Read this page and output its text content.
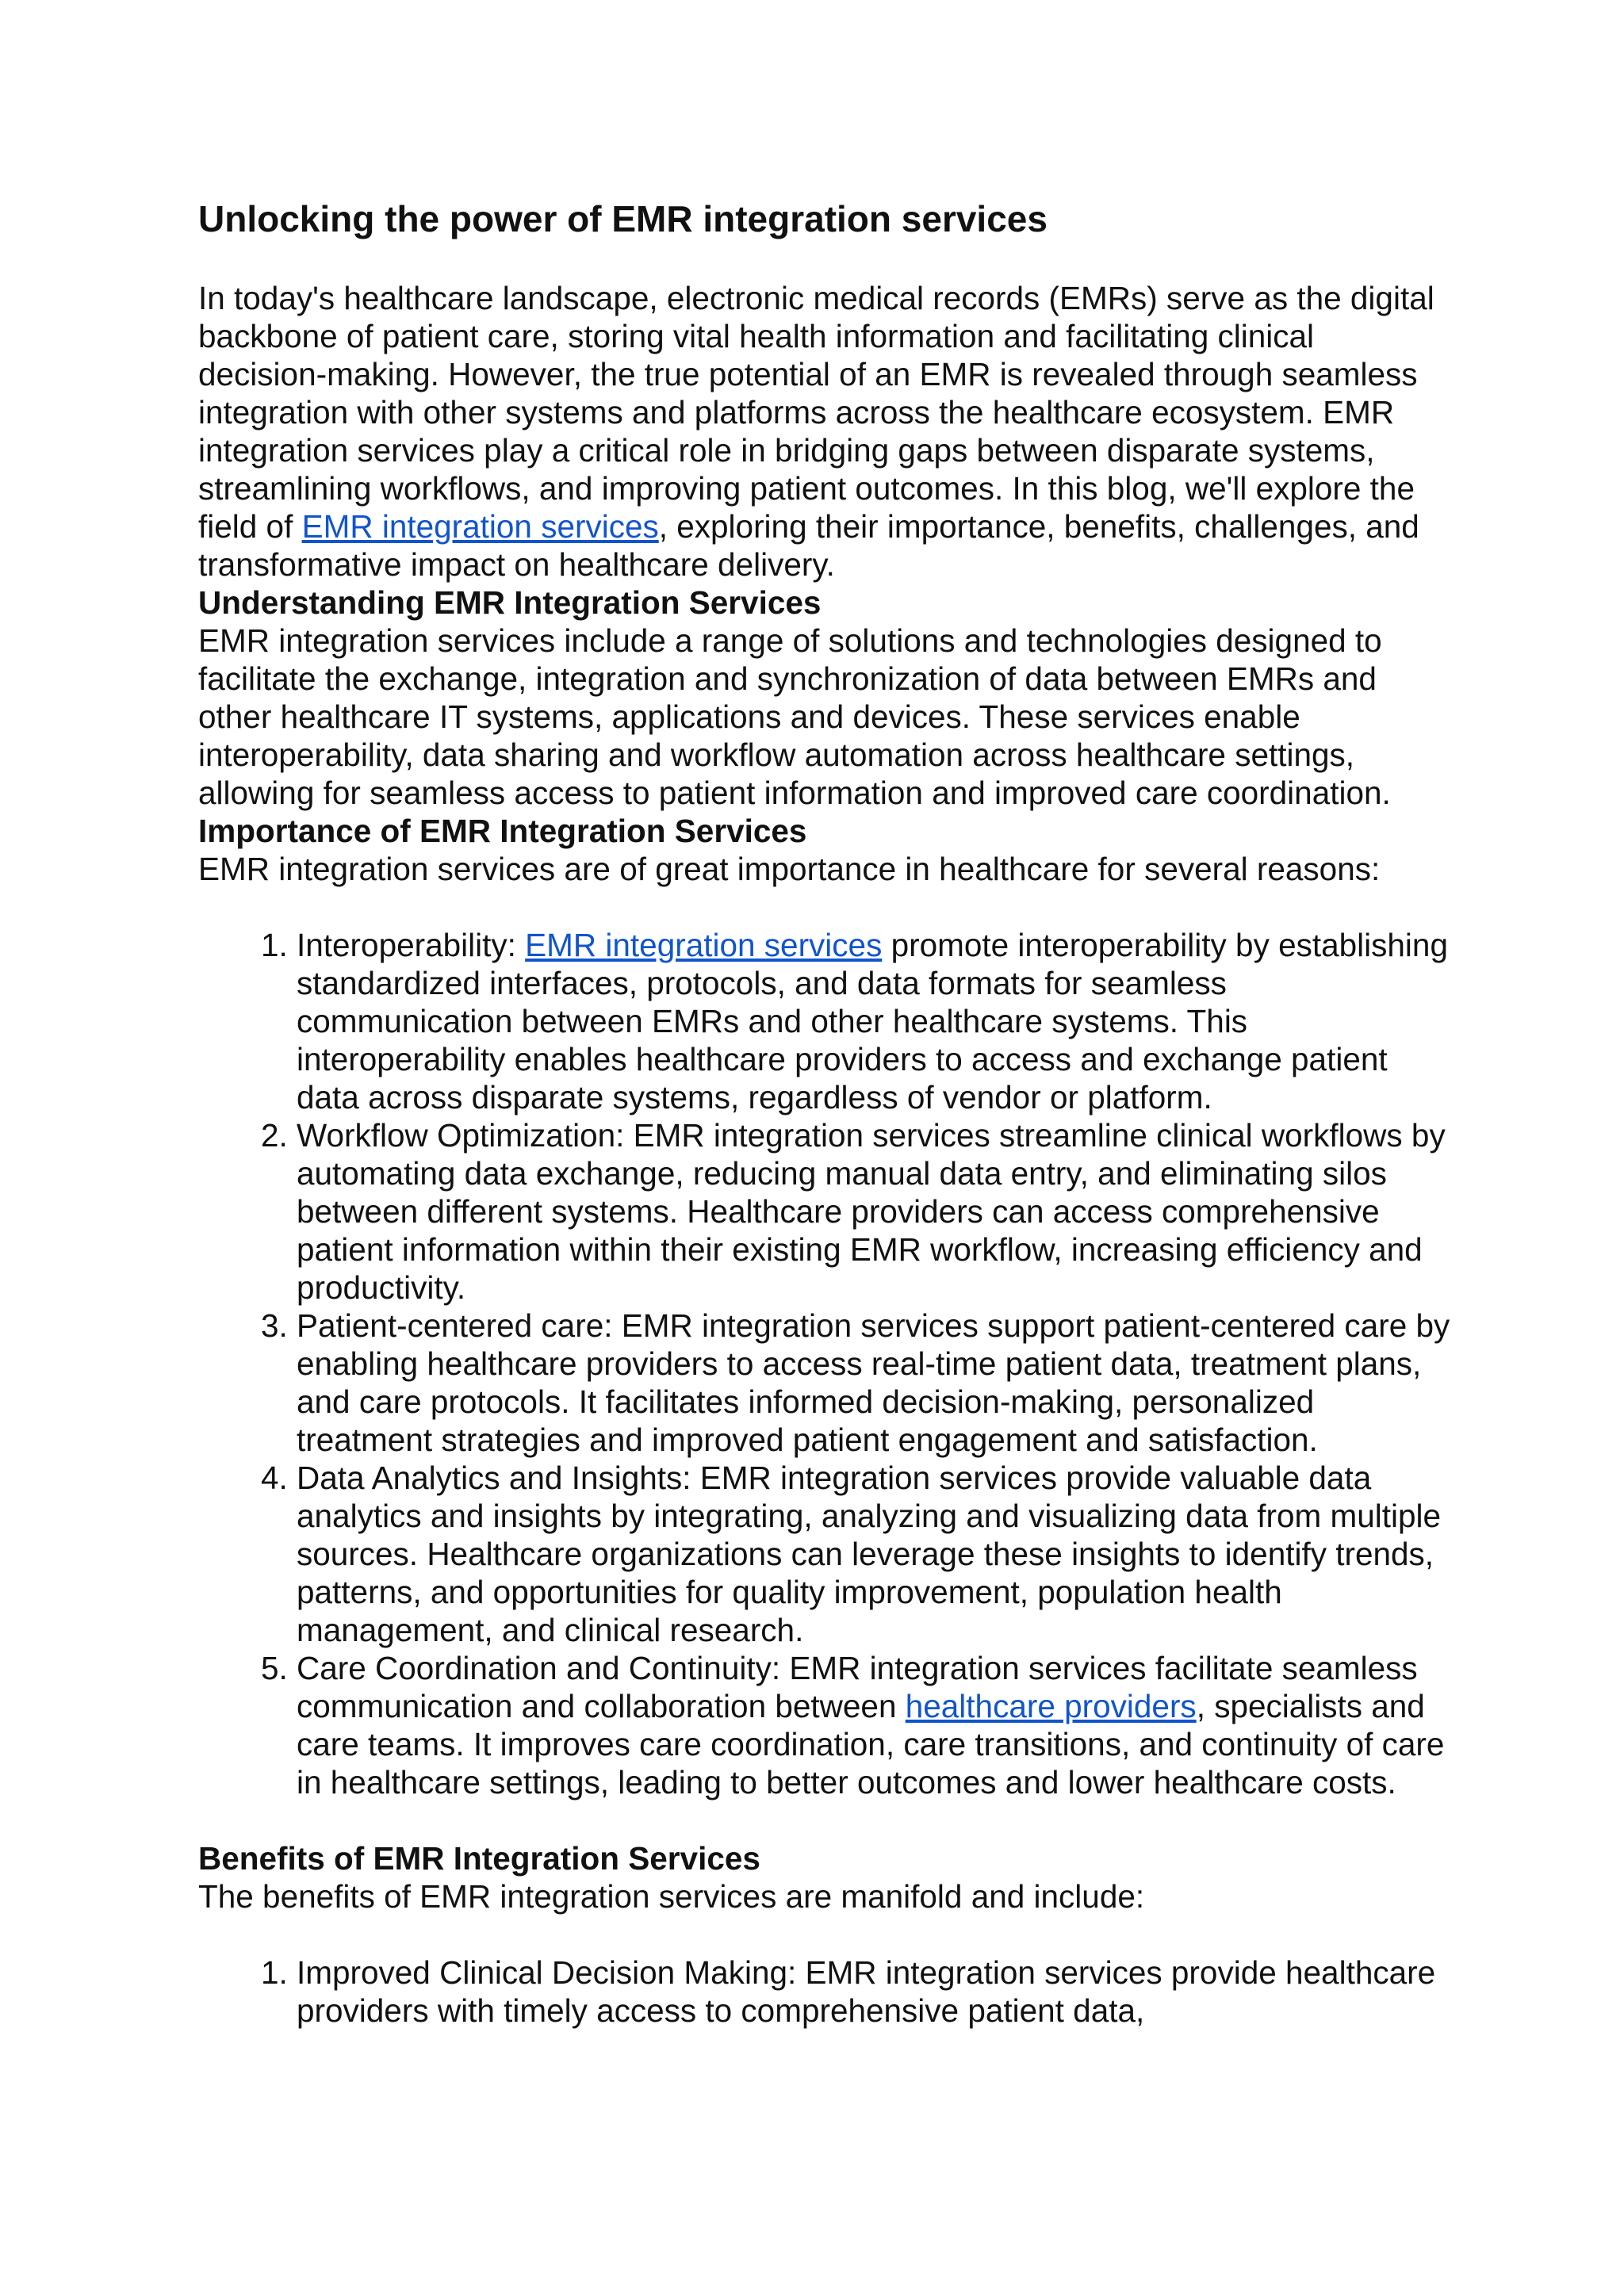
Unlocking the power of EMR integration services

In today's healthcare landscape, electronic medical records (EMRs) serve as the digital backbone of patient care, storing vital health information and facilitating clinical decision-making. However, the true potential of an EMR is revealed through seamless integration with other systems and platforms across the healthcare ecosystem. EMR integration services play a critical role in bridging gaps between disparate systems, streamlining workflows, and improving patient outcomes. In this blog, we'll explore the field of EMR integration services, exploring their importance, benefits, challenges, and transformative impact on healthcare delivery.

Understanding EMR Integration Services

EMR integration services include a range of solutions and technologies designed to facilitate the exchange, integration and synchronization of data between EMRs and other healthcare IT systems, applications and devices. These services enable interoperability, data sharing and workflow automation across healthcare settings, allowing for seamless access to patient information and improved care coordination.

Importance of EMR Integration Services

EMR integration services are of great importance in healthcare for several reasons:

1. Interoperability: EMR integration services promote interoperability by establishing standardized interfaces, protocols, and data formats for seamless communication between EMRs and other healthcare systems. This interoperability enables healthcare providers to access and exchange patient data across disparate systems, regardless of vendor or platform.
2. Workflow Optimization: EMR integration services streamline clinical workflows by automating data exchange, reducing manual data entry, and eliminating silos between different systems. Healthcare providers can access comprehensive patient information within their existing EMR workflow, increasing efficiency and productivity.
3. Patient-centered care: EMR integration services support patient-centered care by enabling healthcare providers to access real-time patient data, treatment plans, and care protocols. It facilitates informed decision-making, personalized treatment strategies and improved patient engagement and satisfaction.
4. Data Analytics and Insights: EMR integration services provide valuable data analytics and insights by integrating, analyzing and visualizing data from multiple sources. Healthcare organizations can leverage these insights to identify trends, patterns, and opportunities for quality improvement, population health management, and clinical research.
5. Care Coordination and Continuity: EMR integration services facilitate seamless communication and collaboration between healthcare providers, specialists and care teams. It improves care coordination, care transitions, and continuity of care in healthcare settings, leading to better outcomes and lower healthcare costs.
Benefits of EMR Integration Services

The benefits of EMR integration services are manifold and include:

1. Improved Clinical Decision Making: EMR integration services provide healthcare providers with timely access to comprehensive patient data,
